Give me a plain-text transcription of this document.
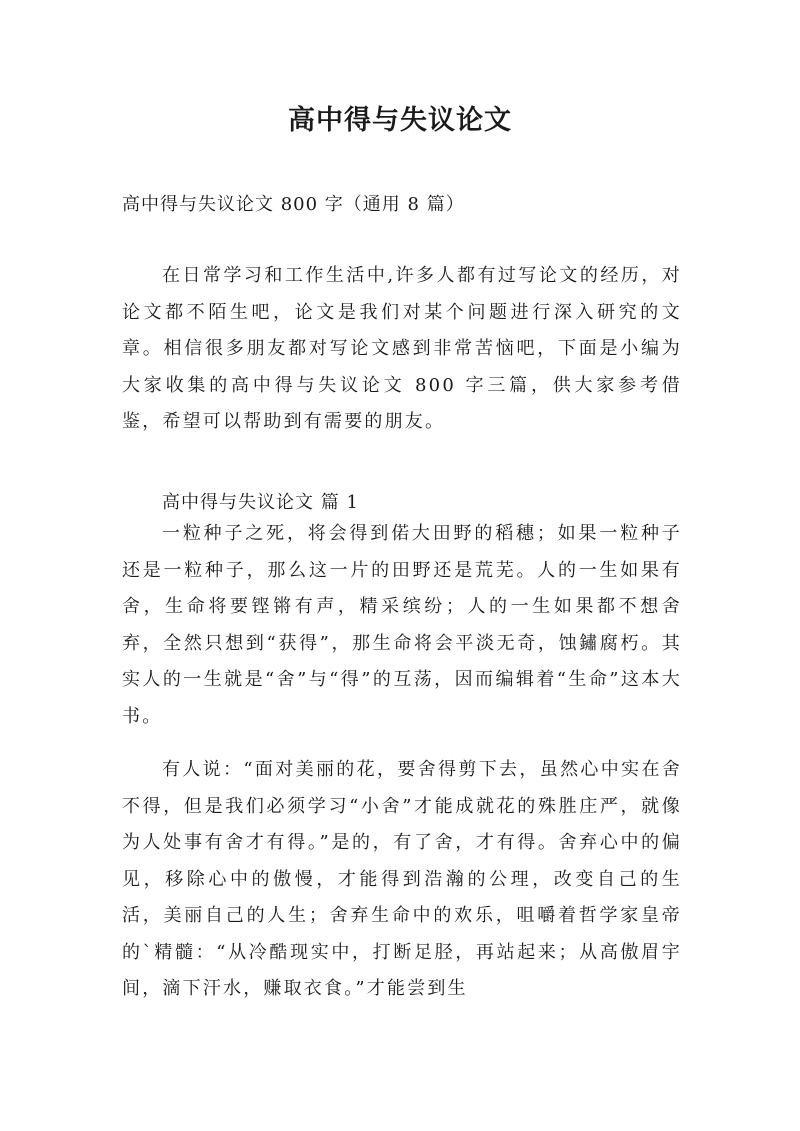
高中得与失议论文

高中得与失议论文 800 字（通用 8 篇）

在日常学习和工作生活中,许多人都有过写论文的经历，对论文都不陌生吧，论文是我们对某个问题进行深入研究的文章。相信很多朋友都对写论文感到非常苦恼吧，下面是小编为大家收集的高中得与失议论文 800 字三篇，供大家参考借鉴，希望可以帮助到有需要的朋友。

高中得与失议论文 篇 1

一粒种子之死，将会得到偌大田野的稻穗；如果一粒种子还是一粒种子，那么这一片的田野还是荒芜。人的一生如果有舍，生命将要铿锵有声，精采缤纷；人的一生如果都不想舍弃，全然只想到“获得”，那生命将会平淡无奇，蚀鏽腐朽。其实人的一生就是“舍”与“得”的互荡，因而编辑着“生命”这本大书。

有人说：“面对美丽的花，要舍得剪下去，虽然心中实在舍不得，但是我们必须学习“小舍”才能成就花的殊胜庄严，就像为人处事有舍才有得。”是的，有了舍，才有得。舍弃心中的偏见，移除心中的傲慢，才能得到浩瀚的公理，改变自己的生活，美丽自己的人生；舍弃生命中的欢乐，咀嚼着哲学家皇帝的`精髓：“从冷酷现实中，打断足胫，再站起来；从高傲眉宇间，滴下汗水，赚取衣食。”才能尝到生
